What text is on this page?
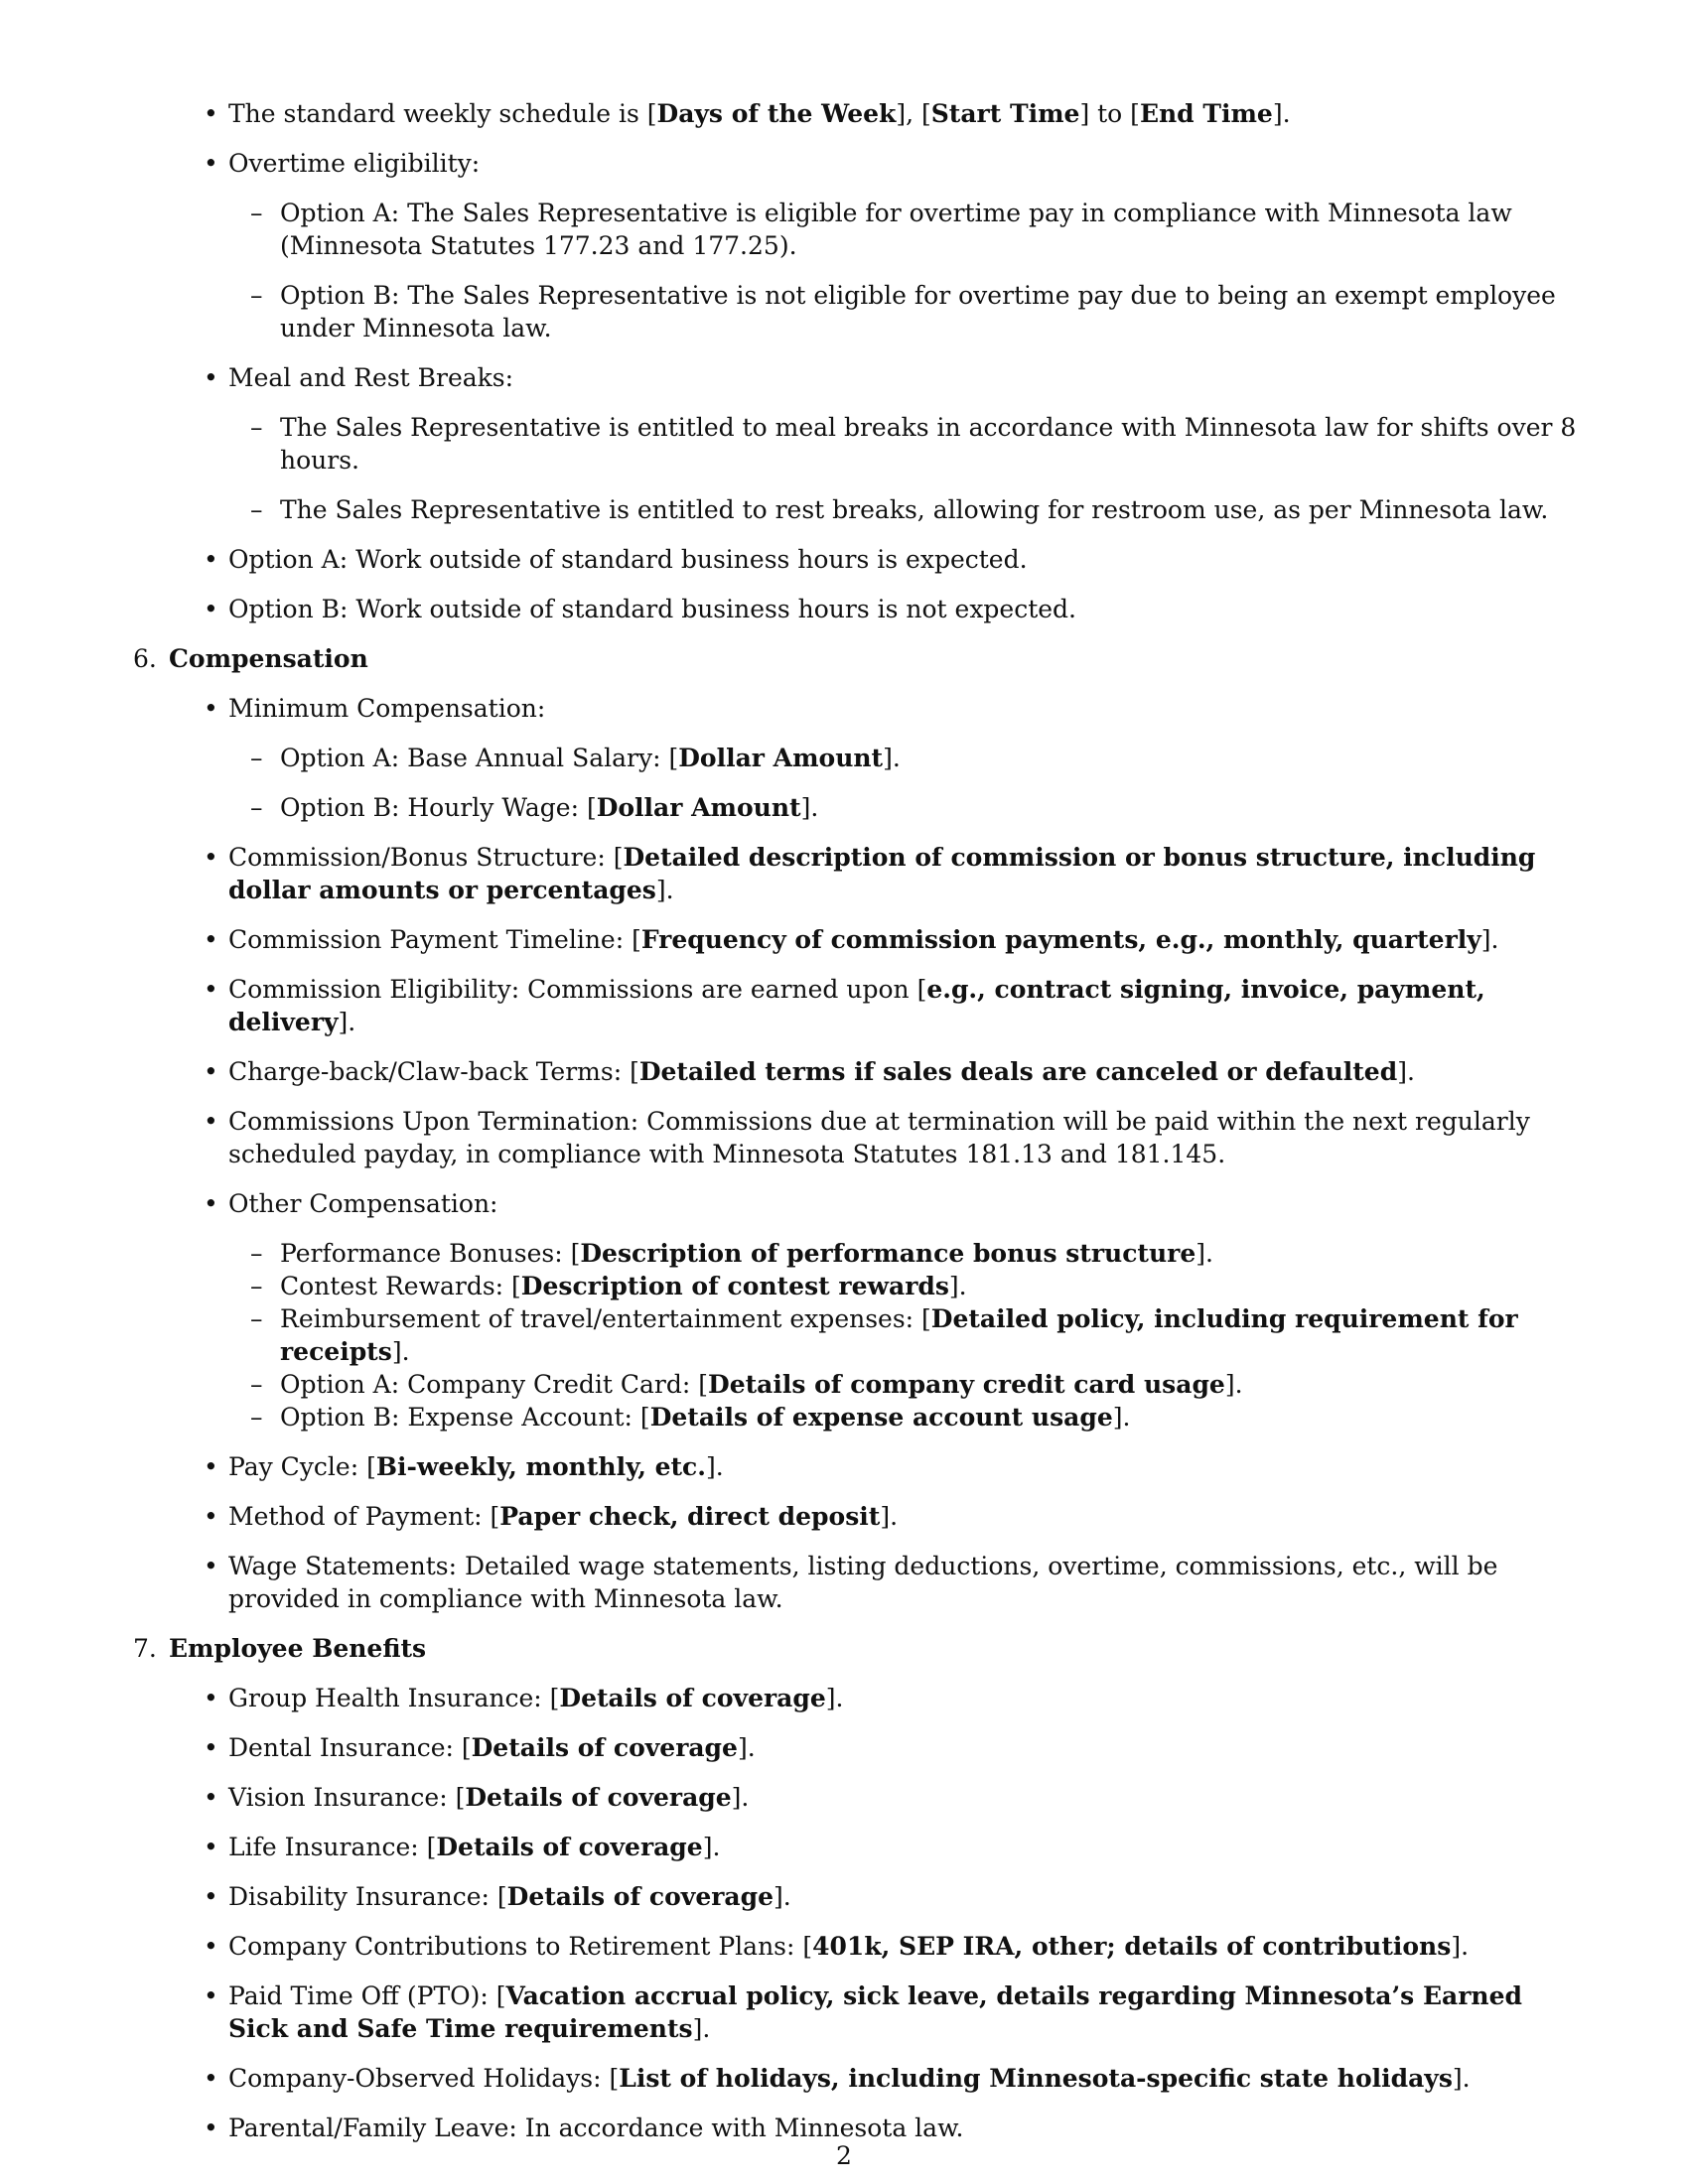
• The standard weekly schedule is [Days of the Week], [Start Time] to [End Time].
• Overtime eligibility:
– Option A: The Sales Representative is eligible for overtime pay in compliance with Minnesota law (Minnesota Statutes 177.23 and 177.25).
– Option B: The Sales Representative is not eligible for overtime pay due to being an exempt employee under Minnesota law.
• Meal and Rest Breaks:
– The Sales Representative is entitled to meal breaks in accordance with Minnesota law for shifts over 8 hours.
– The Sales Representative is entitled to rest breaks, allowing for restroom use, as per Minnesota law.
• Option A: Work outside of standard business hours is expected.
• Option B: Work outside of standard business hours is not expected.
6. Compensation
• Minimum Compensation:
– Option A: Base Annual Salary: [Dollar Amount].
– Option B: Hourly Wage: [Dollar Amount].
• Commission/Bonus Structure: [Detailed description of commission or bonus structure, including dollar amounts or percentages].
• Commission Payment Timeline: [Frequency of commission payments, e.g., monthly, quarterly].
• Commission Eligibility: Commissions are earned upon [e.g., contract signing, invoice, payment, delivery].
• Charge-back/Claw-back Terms: [Detailed terms if sales deals are canceled or defaulted].
• Commissions Upon Termination: Commissions due at termination will be paid within the next regularly scheduled payday, in compliance with Minnesota Statutes 181.13 and 181.145.
• Other Compensation:
– Performance Bonuses: [Description of performance bonus structure].
– Contest Rewards: [Description of contest rewards].
– Reimbursement of travel/entertainment expenses: [Detailed policy, including requirement for receipts].
– Option A: Company Credit Card: [Details of company credit card usage].
– Option B: Expense Account: [Details of expense account usage].
• Pay Cycle: [Bi-weekly, monthly, etc.].
• Method of Payment: [Paper check, direct deposit].
• Wage Statements: Detailed wage statements, listing deductions, overtime, commissions, etc., will be provided in compliance with Minnesota law.
7. Employee Benefits
• Group Health Insurance: [Details of coverage].
• Dental Insurance: [Details of coverage].
• Vision Insurance: [Details of coverage].
• Life Insurance: [Details of coverage].
• Disability Insurance: [Details of coverage].
• Company Contributions to Retirement Plans: [401k, SEP IRA, other; details of contributions].
• Paid Time Off (PTO): [Vacation accrual policy, sick leave, details regarding Minnesota’s Earned Sick and Safe Time requirements].
• Company-Observed Holidays: [List of holidays, including Minnesota-specific state holidays].
• Parental/Family Leave: In accordance with Minnesota law.
2
